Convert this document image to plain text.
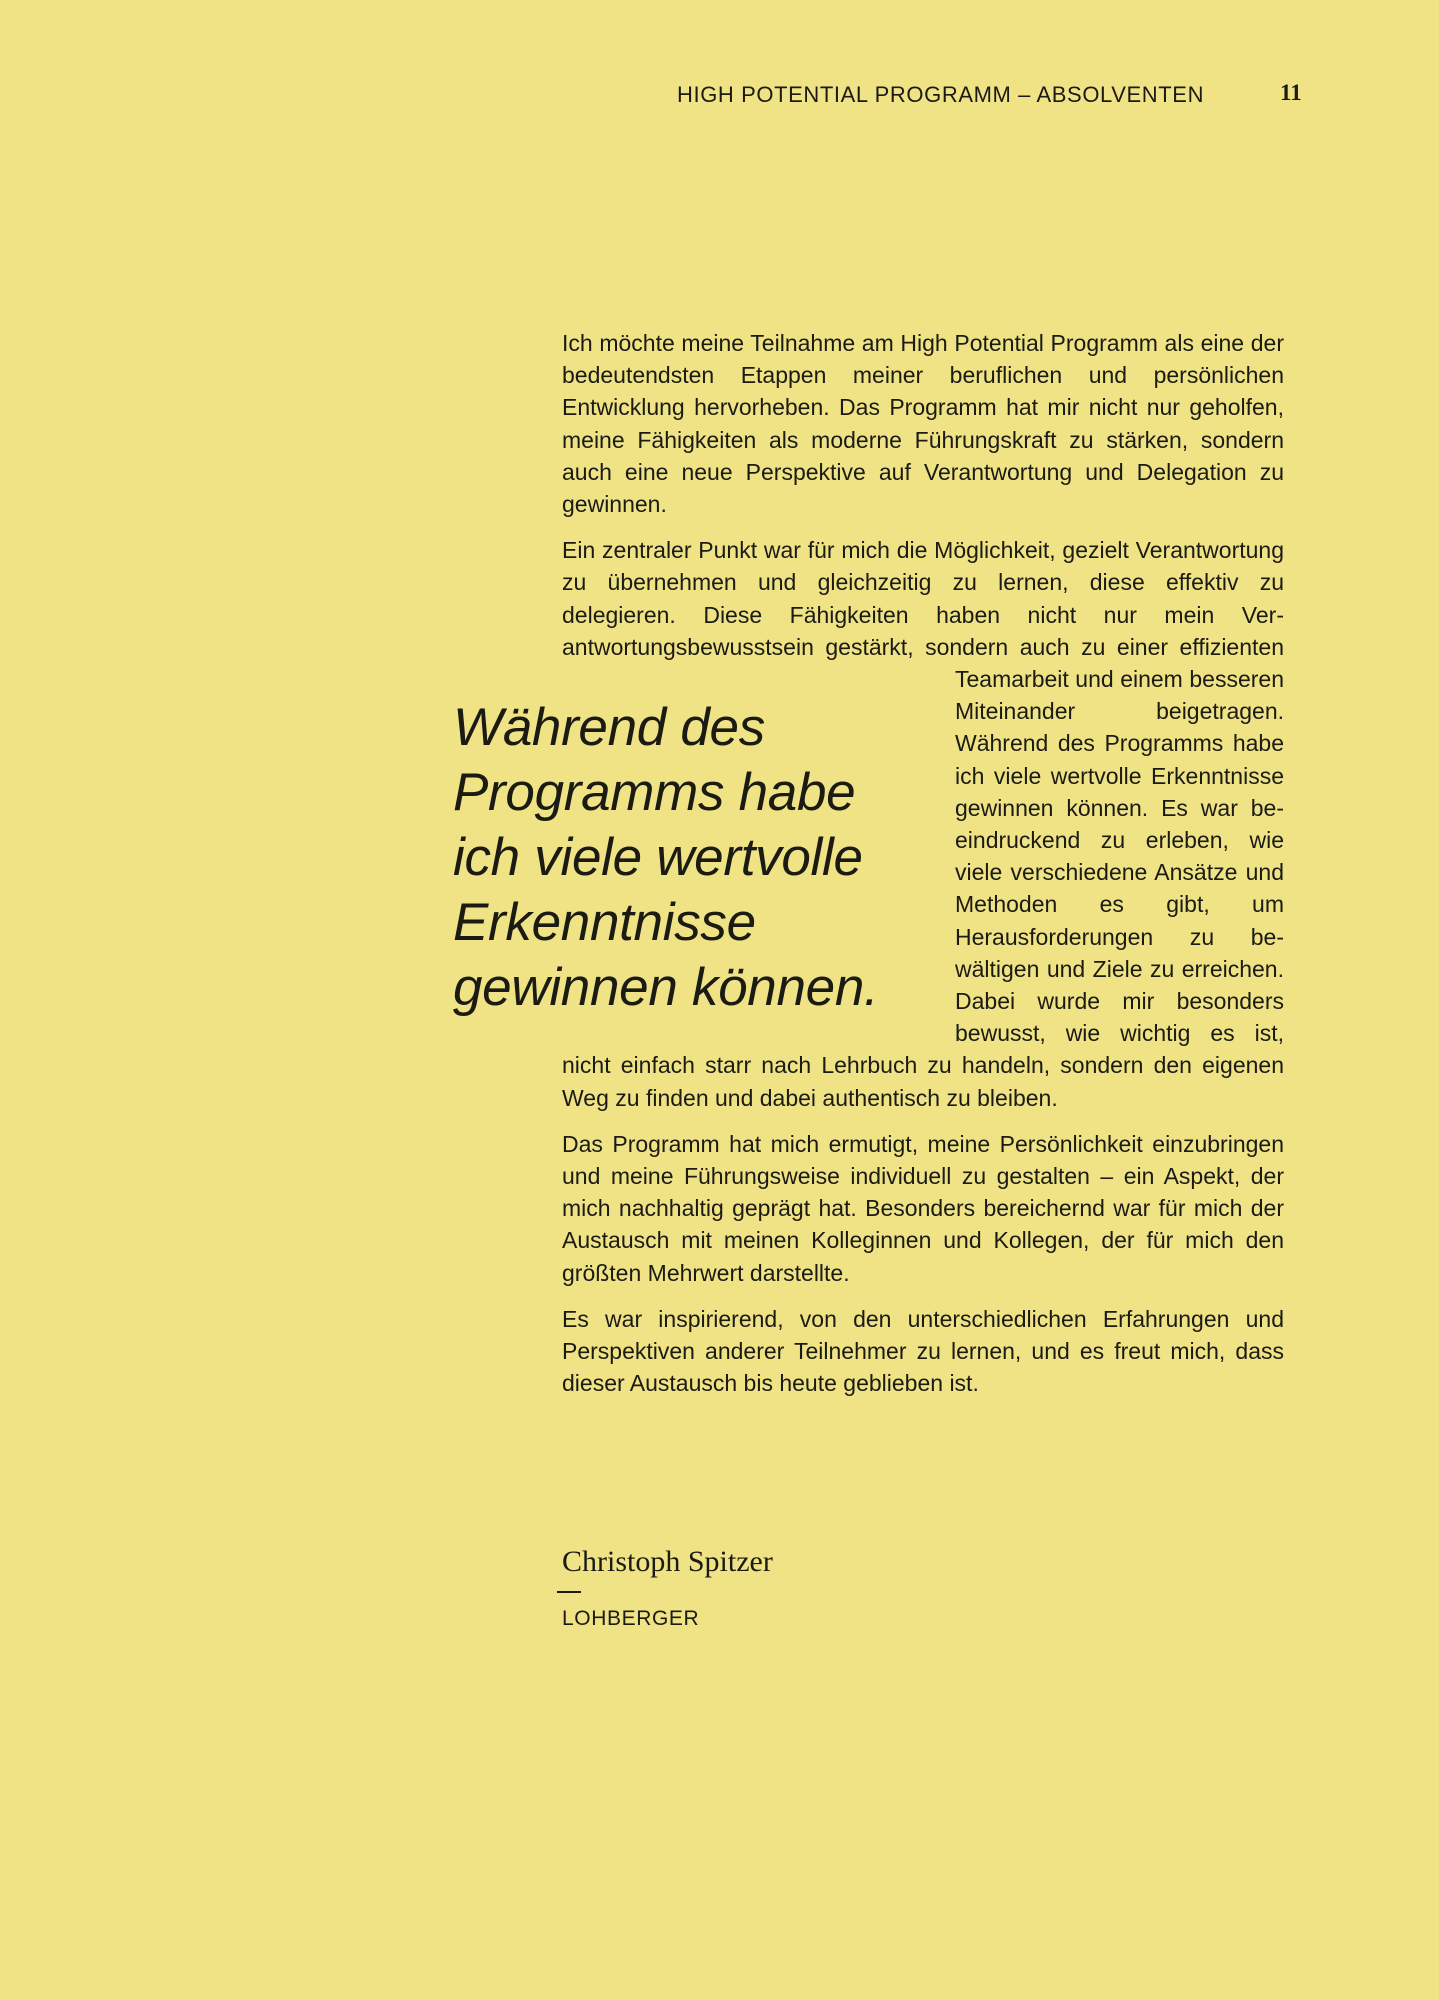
HIGH POTENTIAL PROGRAMM – ABSOLVENTEN	11

Ich möchte meine Teilnahme am High Potential Programm als eine der bedeutendsten Etappen meiner beruflichen und persönlichen Entwicklung hervorheben. Das Programm hat mir nicht nur geholfen, meine Fähigkeiten als moderne Führungskraft zu stärken, sondern auch eine neue Perspektive auf Verantwortung und Delegation zu gewinnen.

Ein zentraler Punkt war für mich die Möglichkeit, gezielt Verantwortung zu übernehmen und gleichzeitig zu lernen, diese effektiv zu delegieren. Diese Fähigkeiten haben nicht nur mein Verantwortungsbewusstsein gestärkt, sondern auch zu einer effizienten Teamarbeit und einem besseren Miteinander beigetragen. Während des Programms habe ich viele wertvolle Erkenntnisse gewinnen können. Es war beeindruckend zu erleben, wie viele verschiedene Ansätze und Methoden es gibt, um Herausforderungen zu bewältigen und Ziele zu erreichen. Dabei wurde mir besonders bewusst, wie wichtig es ist, nicht einfach starr nach Lehrbuch zu handeln, sondern den eigenen Weg zu finden und dabei authentisch zu bleiben.

Das Programm hat mich ermutigt, meine Persönlichkeit einzubringen und meine Führungsweise individuell zu gestalten – ein Aspekt, der mich nachhaltig geprägt hat. Besonders bereichernd war für mich der Austausch mit meinen Kolleginnen und Kollegen, der für mich den größten Mehrwert darstellte.

Es war inspirierend, von den unterschiedlichen Erfahrungen und Perspektiven anderer Teilnehmer zu lernen, und es freut mich, dass dieser Austausch bis heute geblieben ist.

Während des Programms habe ich viele wertvolle Erkenntnisse gewinnen können.
Christoph Spitzer
LOHBERGER
